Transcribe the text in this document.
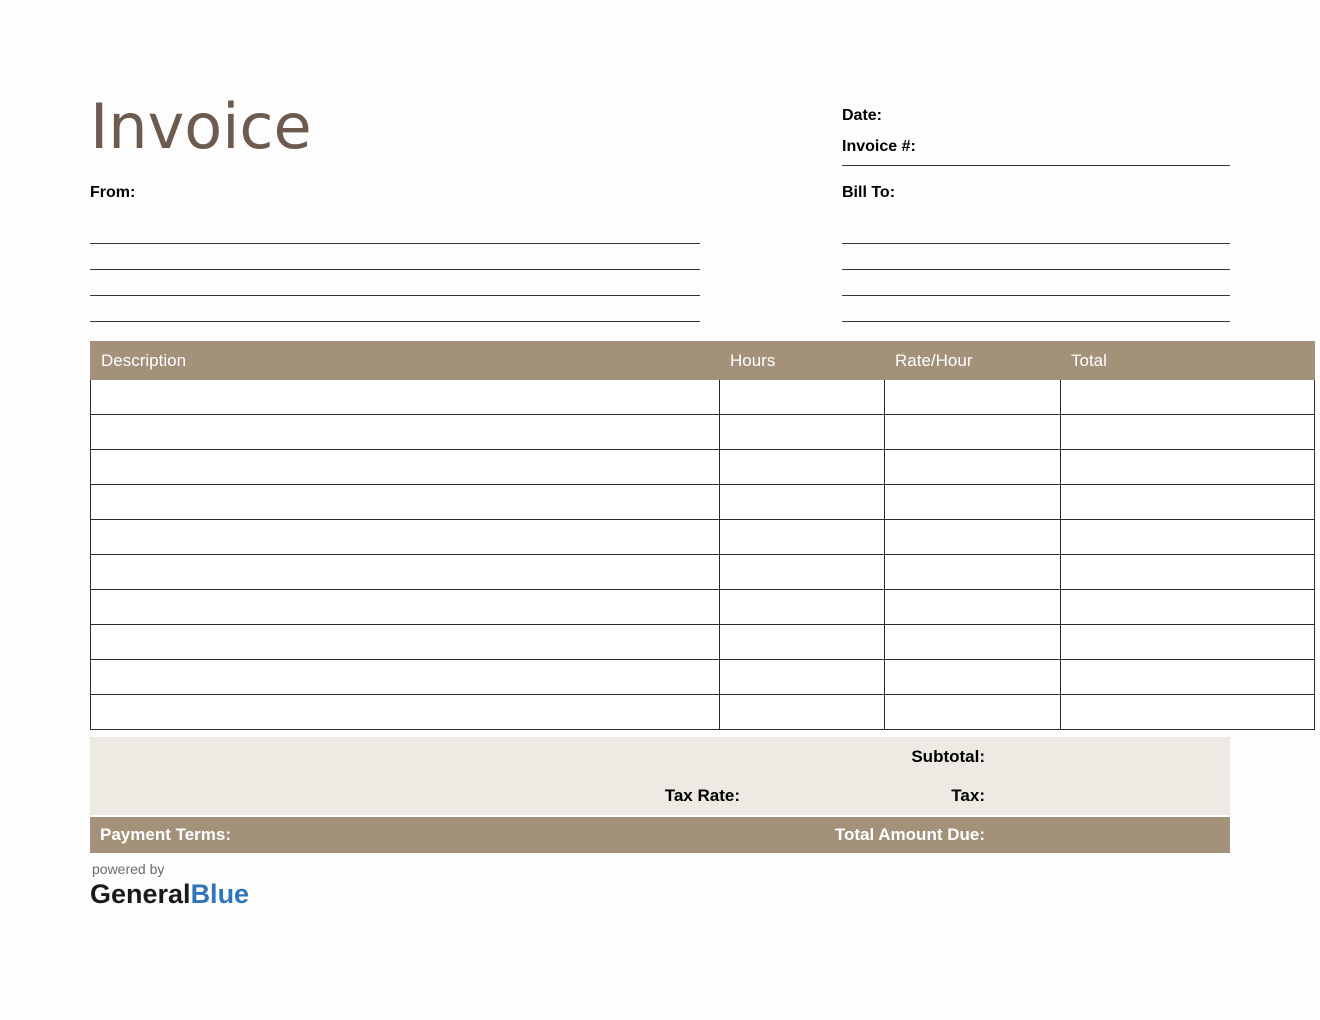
Invoice	Date:
Invoice #:
From:	Bill To:
Description	Hours	Rate/Hour	Total

Subtotal:
Tax Rate:	Tax:
Payment Terms:	Total Amount Due:
powered by
GeneralBlue
